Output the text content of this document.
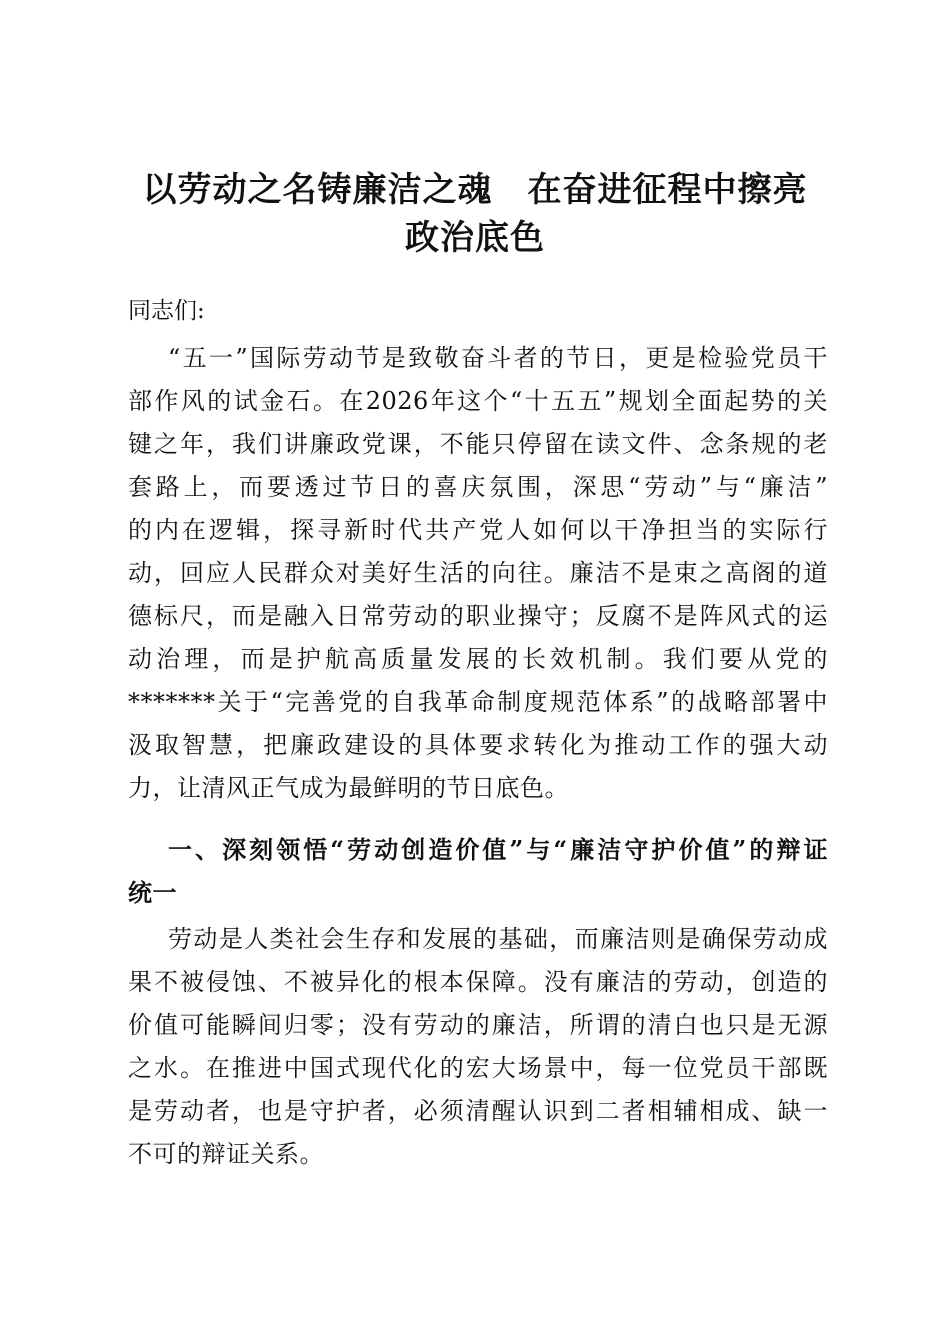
以劳动之名铸廉洁之魂　在奋进征程中擦亮
政治底色

同志们:

“五一”国际劳动节是致敬奋斗者的节日，更是检验党员干
部作风的试金石。在2026年这个“十五五”规划全面起势的关
键之年，我们讲廉政党课，不能只停留在读文件、念条规的老
套路上，而要透过节日的喜庆氛围，深思“劳动”与“廉洁”
的内在逻辑，探寻新时代共产党人如何以干净担当的实际行
动，回应人民群众对美好生活的向往。廉洁不是束之高阁的道
德标尺，而是融入日常劳动的职业操守；反腐不是阵风式的运
动治理，而是护航高质量发展的长效机制。我们要从党的
*******关于“完善党的自我革命制度规范体系”的战略部署中
汲取智慧，把廉政建设的具体要求转化为推动工作的强大动
力，让清风正气成为最鲜明的节日底色。
一、深刻领悟“劳动创造价值”与“廉洁守护价值”的辩证
统一
劳动是人类社会生存和发展的基础，而廉洁则是确保劳动成
果不被侵蚀、不被异化的根本保障。没有廉洁的劳动，创造的
价值可能瞬间归零；没有劳动的廉洁，所谓的清白也只是无源
之水。在推进中国式现代化的宏大场景中，每一位党员干部既
是劳动者，也是守护者，必须清醒认识到二者相辅相成、缺一
不可的辩证关系。
